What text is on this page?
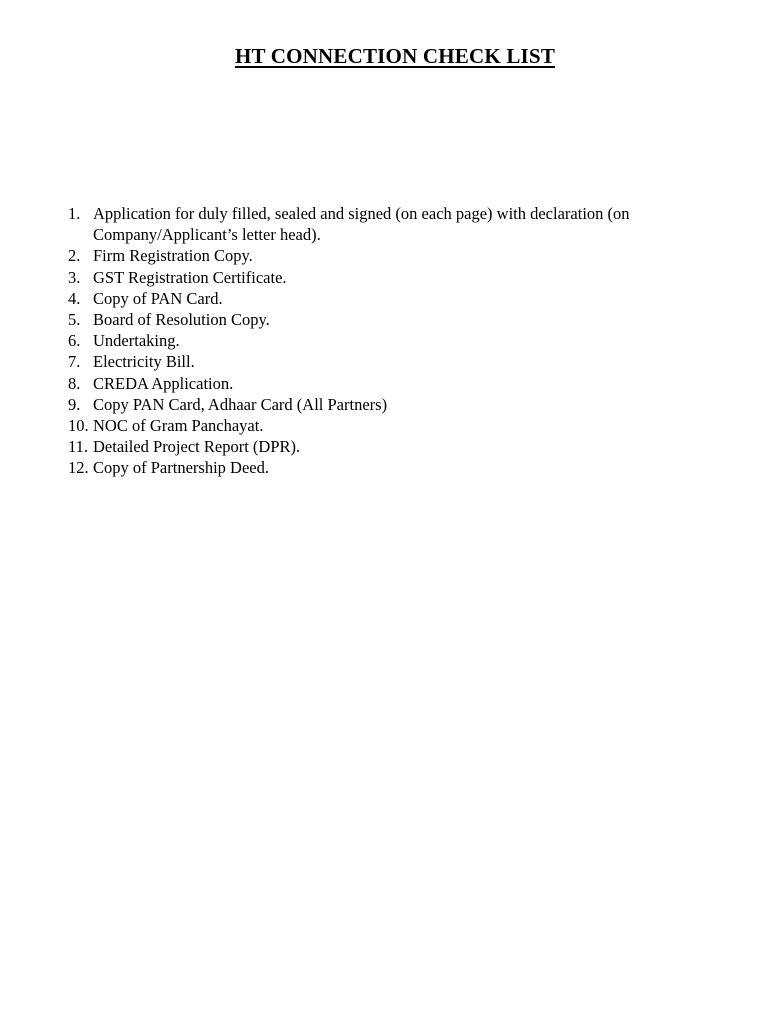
HT CONNECTION CHECK LIST
1. Application for duly filled, sealed and signed (on each page) with declaration (on Company/Applicant’s letter head).
2. Firm Registration Copy.
3. GST Registration Certificate.
4. Copy of PAN Card.
5. Board of Resolution Copy.
6. Undertaking.
7. Electricity Bill.
8. CREDA Application.
9. Copy PAN Card, Adhaar Card (All Partners)
10. NOC of Gram Panchayat.
11. Detailed Project Report (DPR).
12. Copy of Partnership Deed.
